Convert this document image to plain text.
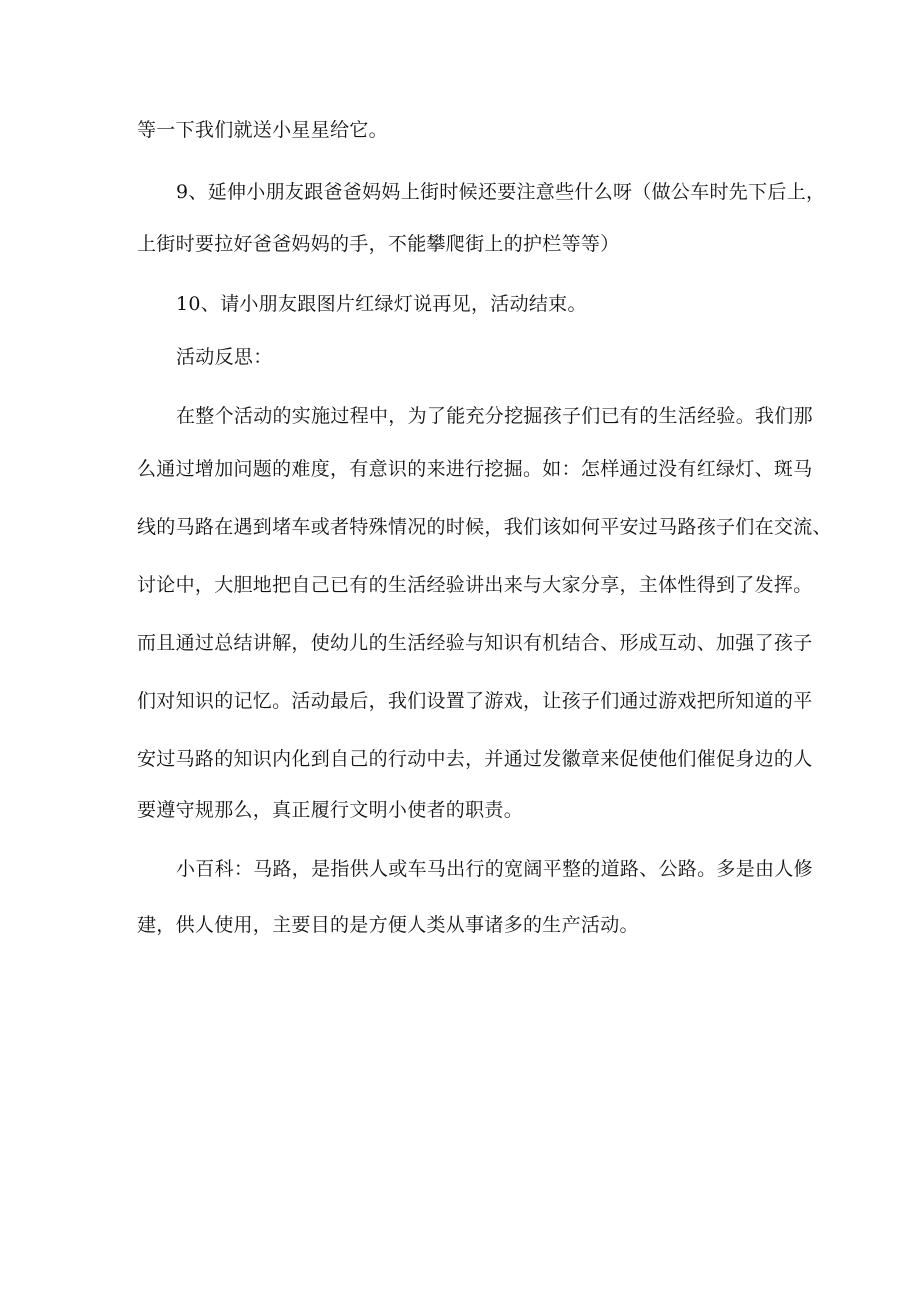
等一下我们就送小星星给它。
9、延伸小朋友跟爸爸妈妈上街时候还要注意些什么呀（做公车时先下后上，
上街时要拉好爸爸妈妈的手，不能攀爬街上的护栏等等）
10、请小朋友跟图片红绿灯说再见，活动结束。
活动反思：
在整个活动的实施过程中，为了能充分挖掘孩子们已有的生活经验。我们那
么通过增加问题的难度，有意识的来进行挖掘。如：怎样通过没有红绿灯、斑马
线的马路在遇到堵车或者特殊情况的时候，我们该如何平安过马路孩子们在交流、
讨论中，大胆地把自己已有的生活经验讲出来与大家分享，主体性得到了发挥。
而且通过总结讲解，使幼儿的生活经验与知识有机结合、形成互动、加强了孩子
们对知识的记忆。活动最后，我们设置了游戏，让孩子们通过游戏把所知道的平
安过马路的知识内化到自己的行动中去，并通过发徽章来促使他们催促身边的人
要遵守规那么，真正履行文明小使者的职责。
小百科：马路，是指供人或车马出行的宽阔平整的道路、公路。多是由人修
建，供人使用，主要目的是方便人类从事诸多的生产活动。
